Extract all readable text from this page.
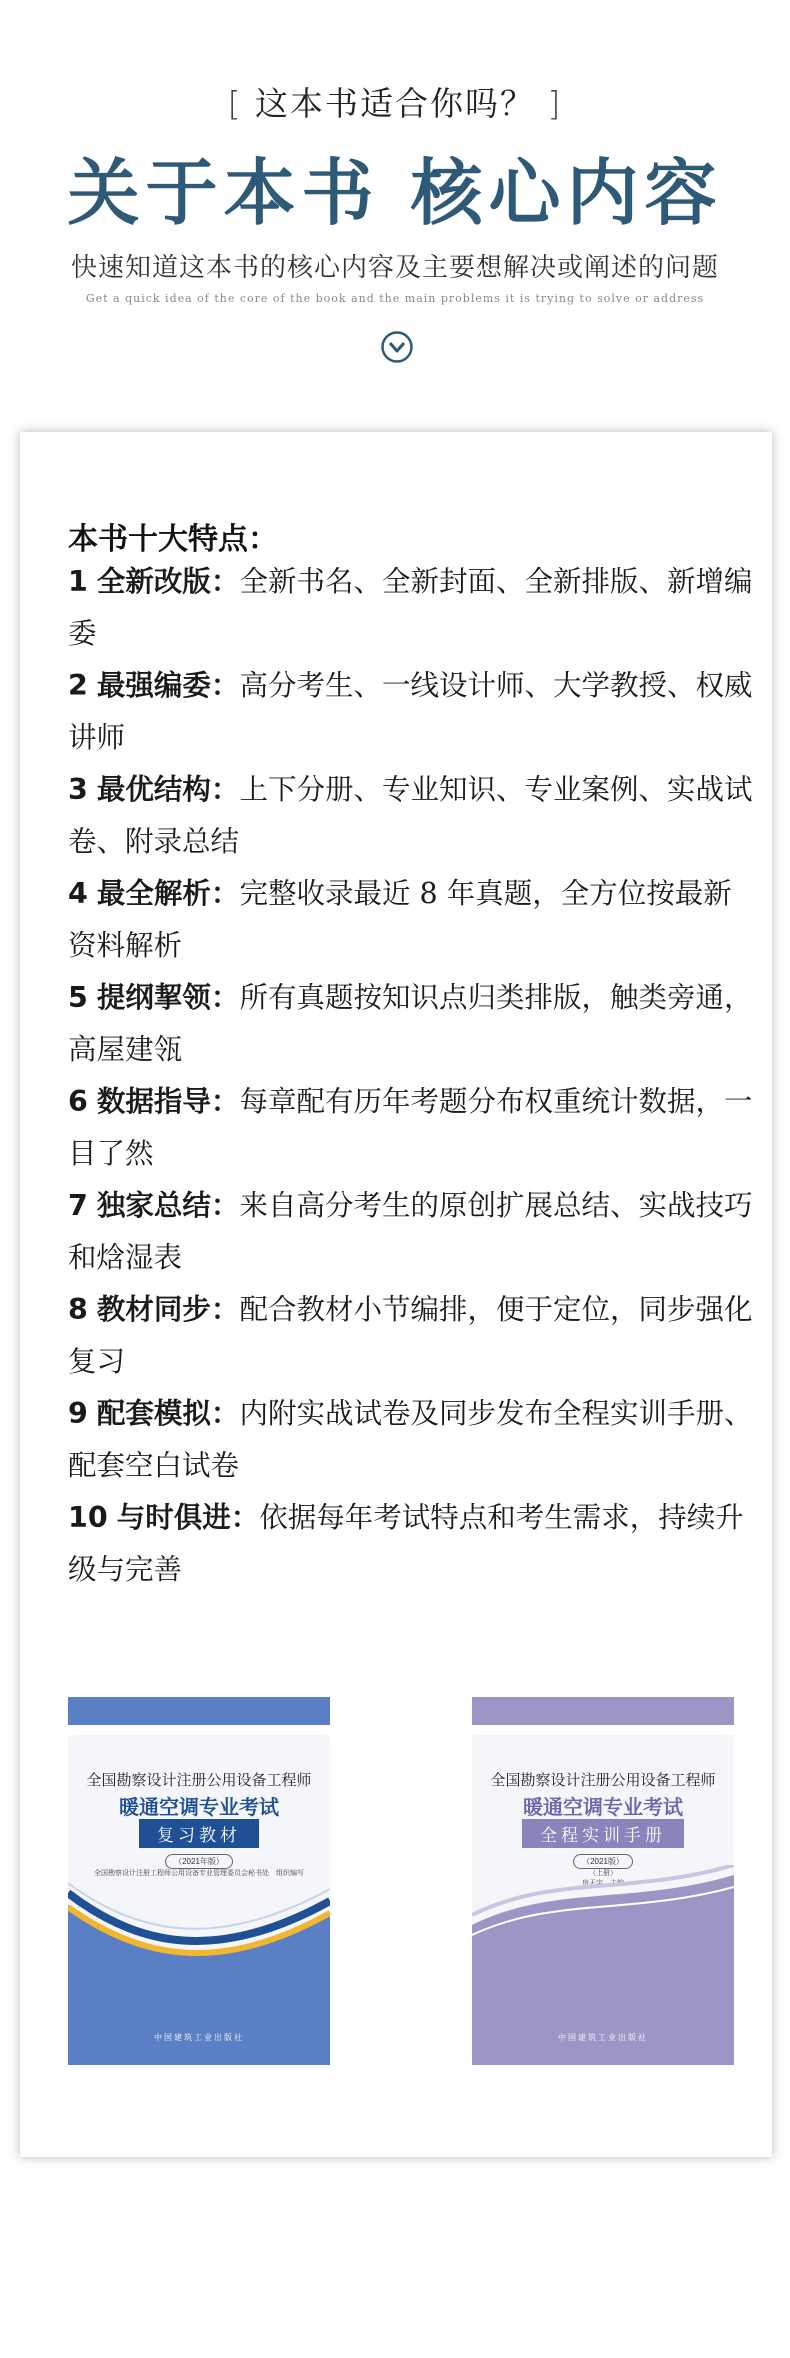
[ 这本书适合你吗？ ]
关于本书 核心内容
快速知道这本书的核心内容及主要想解决或阐述的问题
Get a quick idea of the core of the book and the main problems it is trying to solve or address
本书十大特点：
1 全新改版：全新书名、全新封面、全新排版、新增编委
2 最强编委：高分考生、一线设计师、大学教授、权威讲师
3 最优结构：上下分册、专业知识、专业案例、实战试卷、附录总结
4 最全解析：完整收录最近 8 年真题，全方位按最新资料解析
5 提纲挈领：所有真题按知识点归类排版，触类旁通，高屋建瓴
6 数据指导：每章配有历年考题分布权重统计数据，一目了然
7 独家总结：来自高分考生的原创扩展总结、实战技巧和焓湿表
8 教材同步：配合教材小节编排，便于定位，同步强化复习
9 配套模拟：内附实战试卷及同步发布全程实训手册、配套空白试卷
10 与时俱进：依据每年考试特点和考生需求，持续升级与完善
全国勘察设计注册公用设备工程师
暖通空调专业考试
复习教材
（2021年版）
全国勘察设计注册工程师公用设备专业管理委员会秘书处　组织编写
中国建筑工业出版社
全国勘察设计注册公用设备工程师
暖通空调专业考试
全程实训手册
（2021版）
（上册）
房天宇　主编
中国建筑工业出版社
